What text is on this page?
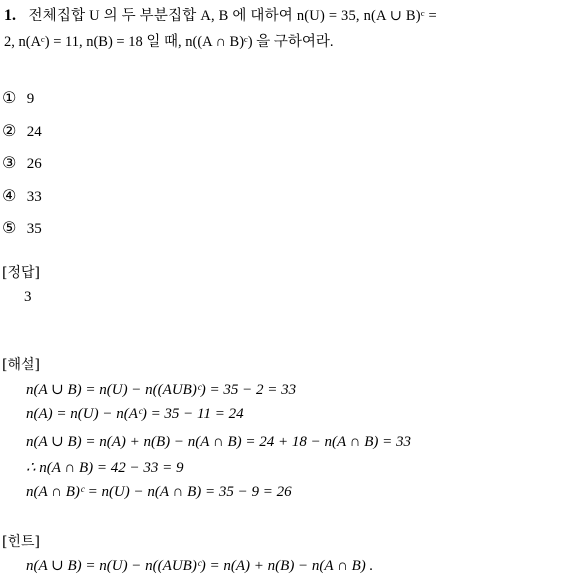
1. 전체집합 U 의 두 부분집합 A, B 에 대하여 n(U) = 35, n(A ∪ B)ᶜ =
2, n(Aᶜ) = 11, n(B) = 18 일 때, n((A ∩ B)ᶜ) 을 구하여라.
① 9
② 24
③ 26
④ 33
⑤ 35
[정답]
3
[해설]
n(A ∪ B) = n(U) − n((AUB)ᶜ) = 35 − 2 = 33
n(A) = n(U) − n(Aᶜ) = 35 − 11 = 24
n(A ∪ B) = n(A) + n(B) − n(A ∩ B) = 24 + 18 − n(A ∩ B) = 33
∴ n(A ∩ B) = 42 − 33 = 9
n(A ∩ B)ᶜ = n(U) − n(A ∩ B) = 35 − 9 = 26
[힌트]
n(A ∪ B) = n(U) − n((AUB)ᶜ) = n(A) + n(B) − n(A ∩ B) .
